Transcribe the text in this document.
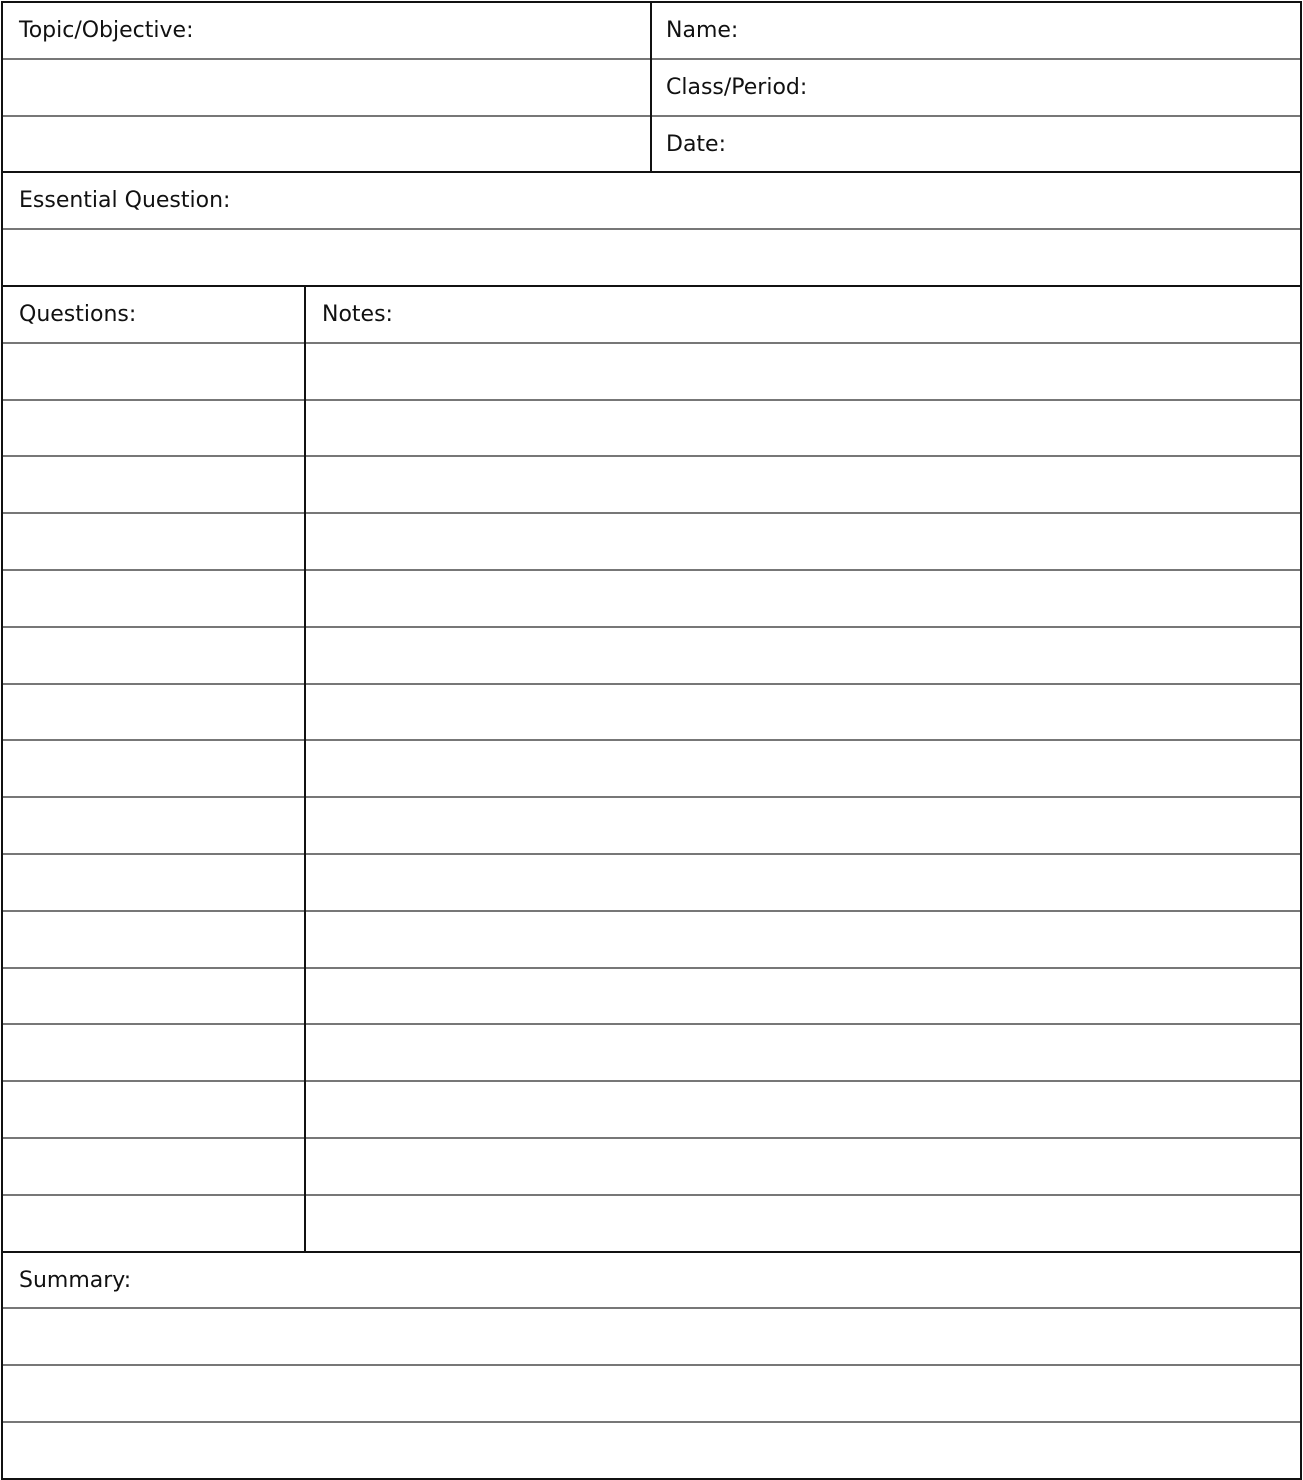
Topic/Objective:	Name:
Class/Period:
Date:
Essential Question:
Questions:	Notes:
Summary:
